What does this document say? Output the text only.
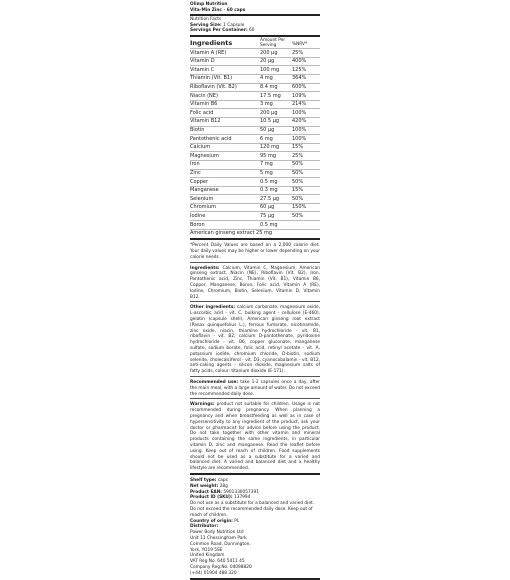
Olimp Nutrition
Vita-Min Zinc - 60 caps
Nutrition Facts
Serving Size: 1 Capsule
Servings Per Container: 60
Ingredients	Amount Per Serving	%NRV*
Vitamin A (RE)	200 µg	25%
Vitamin D	20 µg	400%
Vitamin C	100 mg	125%
Thiamin (Vit. B1)	4 mg	364%
Riboflavin (Vit. B2)	8.4 mg	600%
Niacin (NE)	17.5 mg	109%
Vitamin B6	3 mg	214%
Folic acid	200 µg	100%
Vitamin B12	10.5 µg	420%
Biotin	50 µg	100%
Pantothenic acid	6 mg	100%
Calcium	120 mg	15%
Magnesium	95 mg	25%
Iron	7 mg	50%
Zinc	5 mg	50%
Copper	0.5 mg	50%
Manganese	0.3 mg	15%
Selenium	27.5 µg	50%
Chromium	60 µg	150%
Iodine	75 µg	50%
Boron	0.5 mg
American ginseng extract 25 mg
*Percent Daily Values are based on a 2,000 calorie diet. Your daily values may be higher or lower depending on your calorie needs.

Ingredients: Calcium, Vitamin C, Magnesium, American ginseng extract, Niacin (NE), Riboflavin (Vit. B2), Iron, Pantothenic acid, Zinc, Thiamin (Vit. B1), Vitamin B6, Copper, Manganese, Boron, Folic acid, Vitamin A (RE), Iodine, Chromium, Biotin, Selenium, Vitamin D, Vitamin B12.

Other ingredients: calcium carbonate, magnesium oxide, L-ascorbic acid - vit. C, bulking agent - cellulose (E-460), gelatin (capsule shell), American ginseng root extract (Panax quinquefolius L.), ferrous fumarate, nicotinamide, zinc oxide, niacin, thiamine hydrochloride - vit. B1, riboflavin - vit. B2, calcium D-pantothenate, pyridoxine hydrochloride - vit. B6, copper gluconate, manganese sulfate, sodium borate, folic acid, retinyl acetate - vit. A, potassium iodide, chromium chloride, D-biotin, sodium selenite, cholecalciferol - vit. D3, cyanocobalamin - vit. B12, anti-caking agents - silicon dioxide, magnesium salts of fatty acids, colour: titanium dioxide (E-171).

Recommended use: take 1-2 capsules once a day, after the main meal, with a large amount of water. Do not exceed the recommended daily dose.

Warnings: product not suitable for children. Usage is not recommended during pregnancy. When planning a pregnancy and when breastfeeding as well as in case of hypersensitivity to any ingredient of the product, ask your doctor or pharmacist for advice before using the product. Do not take together with other vitamin and mineral products containing the same ingredients, in particular vitamin D, zinc and manganese. Read the leaflet before using. Keep out of reach of children. Food supplements should not be used as a substitute for a varied and balanced diet. A varied and balanced diet and a healthy lifestyle are recommended.

Shelf type: caps
Net weight: 28g
Product EAN: 5901330057391
Product ID (SKU): 137994
Do not use as a substitute for a balanced and varied diet. Do not exceed the recommended daily dose. Keep out of reach of children.
Country of origin: PL
Distributor:
Power Body Nutrition Ltd
Unit 11 Chessingham Park
Common Road, Dunnington,
York, YO19 5SE
United Kingdom
VAT Reg.No. 640 5411 45
Company Reg.No. 04098820
(+44) 01904 488 320
